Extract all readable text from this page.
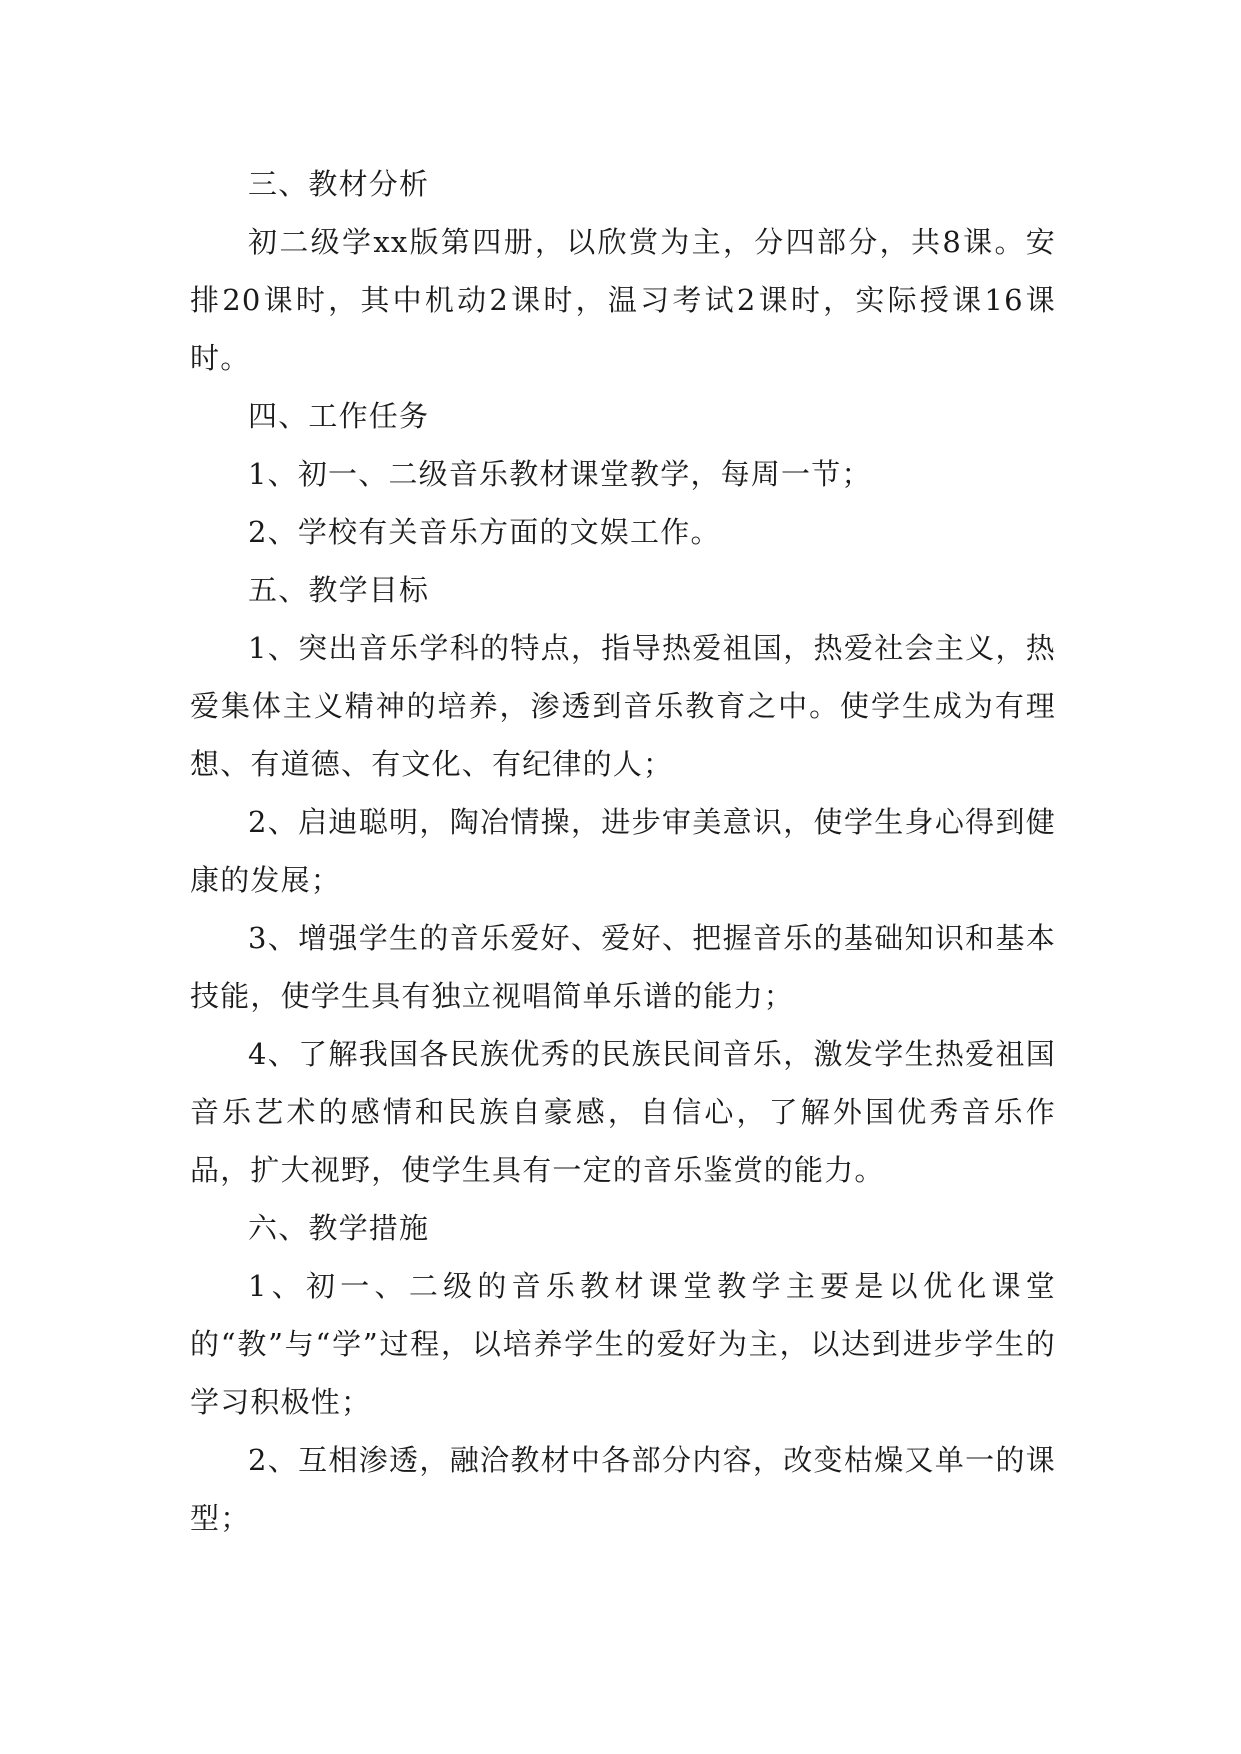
三、教材分析

初二级学xx版第四册，以欣赏为主，分四部分，共8课。安排20课时，其中机动2课时，温习考试2课时，实际授课16课时。

四、工作任务

1、初一、二级音乐教材课堂教学，每周一节；

2、学校有关音乐方面的文娱工作。

五、教学目标

1、突出音乐学科的特点，指导热爱祖国，热爱社会主义，热爱集体主义精神的培养，渗透到音乐教育之中。使学生成为有理想、有道德、有文化、有纪律的人；

2、启迪聪明，陶冶情操，进步审美意识，使学生身心得到健康的发展；

3、增强学生的音乐爱好、爱好、把握音乐的基础知识和基本技能，使学生具有独立视唱简单乐谱的能力；

4、了解我国各民族优秀的民族民间音乐，激发学生热爱祖国音乐艺术的感情和民族自豪感，自信心，了解外国优秀音乐作品，扩大视野，使学生具有一定的音乐鉴赏的能力。

六、教学措施

1、初一、二级的音乐教材课堂教学主要是以优化课堂的“教”与“学”过程，以培养学生的爱好为主，以达到进步学生的学习积极性；

2、互相渗透，融洽教材中各部分内容，改变枯燥又单一的课型；
